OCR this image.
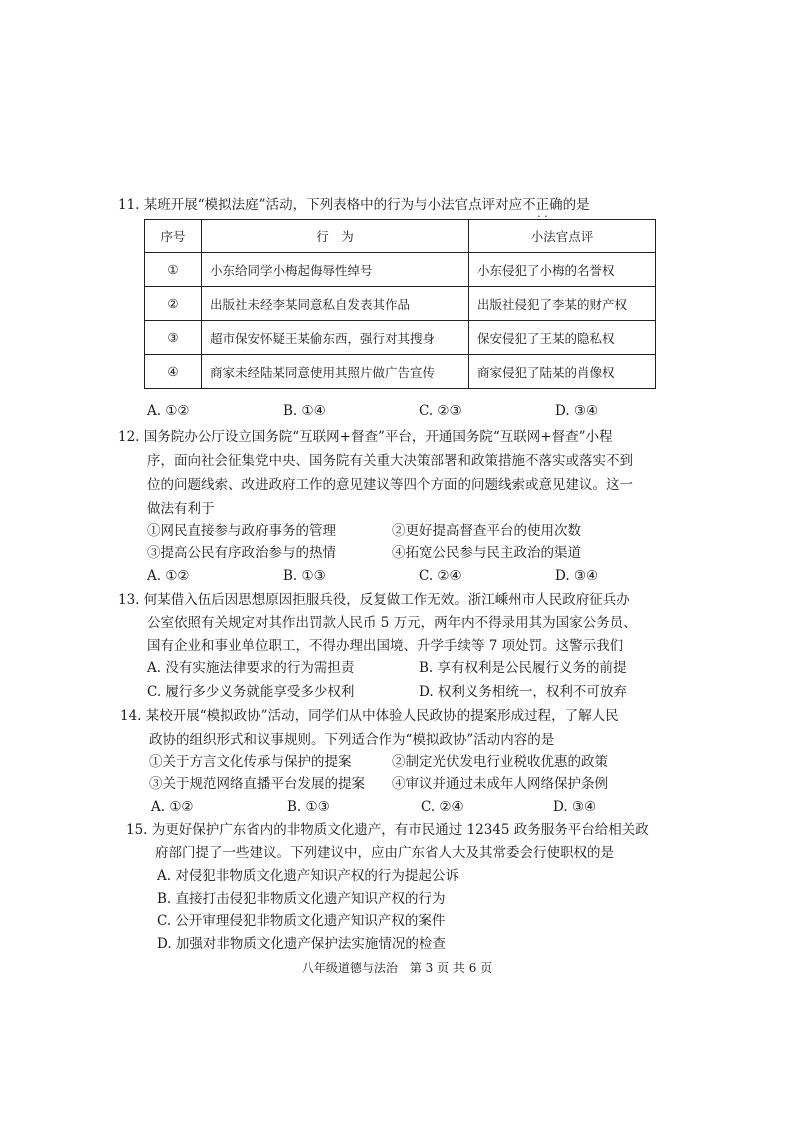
11. 某班开展“模拟法庭”活动，下列表格中的行为与小法官点评对应不正确 · ·的是
序号	行　为	小法官点评
①	小东给同学小梅起侮辱性绰号	小东侵犯了小梅的名誉权
②	出版社未经李某同意私自发表其作品	出版社侵犯了李某的财产权
③	超市保安怀疑王某偷东西，强行对其搜身	保安侵犯了王某的隐私权
④	商家未经陆某同意使用其照片做广告宣传	商家侵犯了陆某的肖像权
A. ①②	B. ①④	C. ②③	D. ③④
12. 国务院办公厅设立国务院“互联网+督查”平台，开通国务院“互联网+督查”小程
序，面向社会征集党中央、国务院有关重大决策部署和政策措施不落实或落实不到
位的问题线索、改进政府工作的意见建议等四个方面的问题线索或意见建议。这一
做法有利于
①网民直接参与政府事务的管理	②更好提高督查平台的使用次数
③提高公民有序政治参与的热情	④拓宽公民参与民主政治的渠道
A. ①②	B. ①③	C. ②④	D. ③④
13. 何某借入伍后因思想原因拒服兵役，反复做工作无效。浙江嵊州市人民政府征兵办
公室依照有关规定对其作出罚款人民币 5 万元，两年内不得录用其为国家公务员、
国有企业和事业单位职工，不得办理出国境、升学手续等 7 项处罚。这警示我们
A. 没有实施法律要求的行为需担责	B. 享有权利是公民履行义务的前提
C. 履行多少义务就能享受多少权利	D. 权利义务相统一，权利不可放弃
14. 某校开展“模拟政协”活动，同学们从中体验人民政协的提案形成过程，了解人民
政协的组织形式和议事规则。下列适合作为“模拟政协”活动内容的是
①关于方言文化传承与保护的提案	②制定光伏发电行业税收优惠的政策
③关于规范网络直播平台发展的提案 ④审议并通过未成年人网络保护条例
A. ①②	B. ①③	C. ②④	D. ③④
15. 为更好保护广东省内的非物质文化遗产，有市民通过 12345 政务服务平台给相关政
府部门提了一些建议。下列建议中，应由广东省人大及其常委会行使职权的是
A. 对侵犯非物质文化遗产知识产权的行为提起公诉
B. 直接打击侵犯非物质文化遗产知识产权的行为
C. 公开审理侵犯非物质文化遗产知识产权的案件
D. 加强对非物质文化遗产保护法实施情况的检查
八年级道德与法治　第 3 页 共 6 页
